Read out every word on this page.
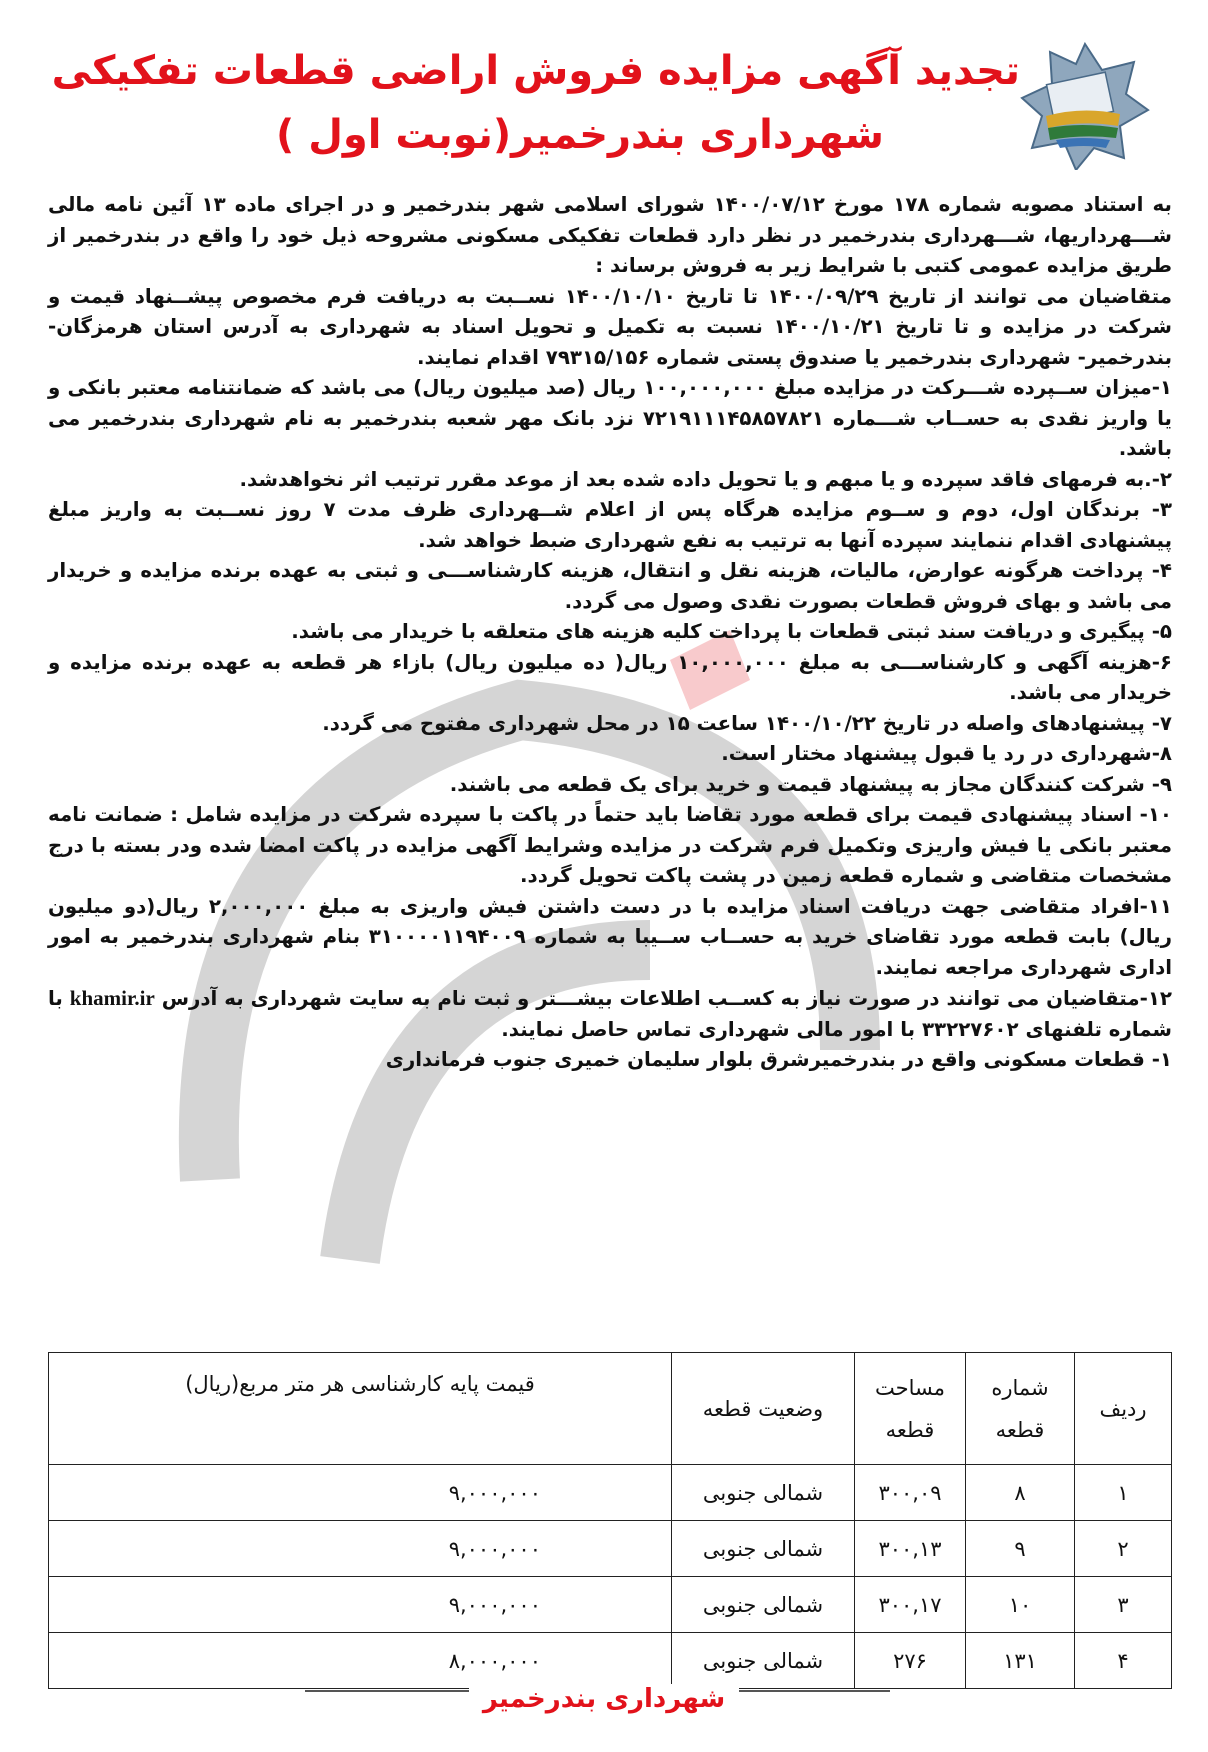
تجدید آگهی مزایده فروش اراضی قطعات تفکیکی
شهرداری بندرخمیر(نوبت اول )

به استناد مصوبه شماره ۱۷۸ مورخ ۱۴۰۰/۰۷/۱۲ شورای اسلامی شهر بندرخمیر و در اجرای ماده ۱۳ آئین نامه مالی شـــهرداریها، شـــهرداری بندرخمیر در نظر دارد قطعات تفکیکی مسکونی مشروحه ذیل خود را واقع در بندرخمیر از طریق مزایده عمومی کتبی با شرایط زیر به فروش برساند :

متقاضیان می توانند از تاریخ ۱۴۰۰/۰۹/۲۹ تا تاریخ ۱۴۰۰/۱۰/۱۰ نســبت به دریافت فرم مخصوص پیشــنهاد قیمت و شرکت در مزایده و تا تاریخ ۱۴۰۰/۱۰/۲۱ نسبت به تکمیل و تحویل اسناد به شهرداری به آدرس استان هرمزگان- بندرخمیر- شهرداری بندرخمیر یا صندوق پستی شماره ۷۹۳۱۵/۱۵۶ اقدام نمایند.

۱-میزان ســپرده شـــرکت در مزایده مبلغ ۱۰۰,۰۰۰,۰۰۰ ریال (صد میلیون ریال) می باشد که ضمانتنامه معتبر بانکی و یا واریز نقدی به حســاب شـــماره ۷۲۱۹۱۱۱۴۵۸۵۷۸۲۱ نزد بانک مهر شعبه بندرخمیر به نام شهرداری بندرخمیر می باشد.

۲-.به فرمهای فاقد سپرده و یا مبهم و یا تحویل داده شده بعد از موعد مقرر ترتیب اثر نخواهدشد.

۳- برندگان اول، دوم و ســوم مزایده هرگاه پس از اعلام شــهرداری ظرف مدت ۷ روز نســبت به واریز مبلغ پیشنهادی اقدام ننمایند سپرده آنها به ترتیب به نفع شهرداری ضبط خواهد شد.

۴- پرداخت هرگونه عوارض، مالیات، هزینه نقل و انتقال، هزینه کارشناســـی و ثبتی به عهده برنده مزایده و خریدار می باشد و بهای فروش قطعات بصورت نقدی وصول می گردد.

۵- پیگیری و دریافت سند ثبتی قطعات با پرداخت کلیه هزینه های متعلقه با خریدار می باشد.

۶-هزینه آگهی و کارشناســـی به مبلغ ۱۰,۰۰۰,۰۰۰ ریال( ده میلیون ریال) بازاء هر قطعه به عهده برنده مزایده و خریدار می باشد.

۷- پیشنهادهای واصله در تاریخ ۱۴۰۰/۱۰/۲۲ ساعت ۱۵ در محل شهرداری مفتوح می گردد.

۸-شهرداری در رد یا قبول پیشنهاد مختار است.

۹- شرکت کنندگان مجاز به پیشنهاد قیمت و خرید برای یک قطعه می باشند.

۱۰- اسناد پیشنهادی قیمت برای قطعه مورد تقاضا باید حتماً در پاکت با سپرده شرکت در مزایده شامل : ضمانت نامه معتبر بانکی یا فیش واریزی وتکمیل فرم شرکت در مزایده وشرایط آگهی مزایده در پاکت امضا شده ودر بسته با درج مشخصات متقاضی و شماره قطعه زمین در پشت پاکت تحویل گردد.

۱۱-افراد متقاضی جهت دریافت اسناد مزایده با در دست داشتن فیش واریزی به مبلغ ۲,۰۰۰,۰۰۰ ریال(دو میلیون ریال) بابت قطعه مورد تقاضای خرید به حســاب ســیبا به شماره ۳۱۰۰۰۰۱۱۹۴۰۰۹ بنام شهرداری بندرخمیر به امور اداری شهرداری مراجعه نمایند.

۱۲-متقاضیان می توانند در صورت نیاز به کســب اطلاعات بیشـــتر و ثبت نام به سایت شهرداری به آدرس khamir.ir با شماره تلفنهای ۳۳۲۲۷۶۰۲ با امور مالی شهرداری تماس حاصل نمایند.

۱- قطعات مسکونی واقع در بندرخمیرشرق بلوار سلیمان خمیری جنوب فرمانداری

ردیف	شماره قطعه	مساحت قطعه	وضعیت قطعه	قیمت پایه کارشناسی هر متر مربع(ریال)
۱	۸	۳۰۰,۰۹	شمالی جنوبی	۹,۰۰۰,۰۰۰
۲	۹	۳۰۰,۱۳	شمالی جنوبی	۹,۰۰۰,۰۰۰
۳	۱۰	۳۰۰,۱۷	شمالی جنوبی	۹,۰۰۰,۰۰۰
۴	۱۳۱	۲۷۶	شمالی جنوبی	۸,۰۰۰,۰۰۰
شهرداری بندرخمیر
